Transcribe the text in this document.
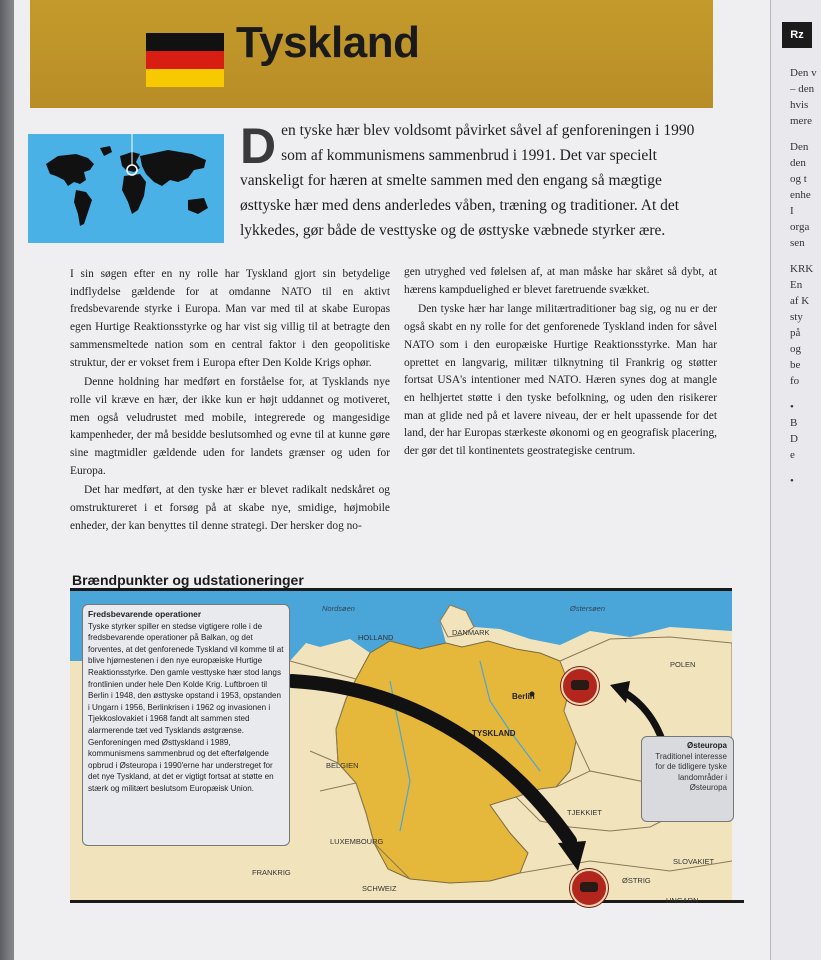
Rz
Den v
– den
hvis
mere
Den
den
og t
enhe
I
orga
sen
KRK
En
af K
sty
på
og
be
fo
•
B
D
e
•
Tyskland
D en tyske hær blev voldsomt påvirket såvel af genforeningen i 1990 som af kommunismens sammenbrud i 1991. Det var specielt vanskeligt for hæren at smelte sammen med den engang så mægtige østtyske hær med dens anderledes våben, træning og traditioner. At det lykkedes, gør både de vesttyske og de østtyske væbnede styrker ære.

I sin søgen efter en ny rolle har Tyskland gjort sin betydelige indflydelse gældende for at omdanne NATO til en aktivt fredsbevarende styrke i Europa. Man var med til at skabe Europas egen Hurtige Reaktionsstyrke og har vist sig villig til at betragte den sammensmeltede nation som en central faktor i den geopolitiske struktur, der er vokset frem i Europa efter Den Kolde Krigs ophør.

Denne holdning har medført en forståelse for, at Tysklands nye rolle vil kræve en hær, der ikke kun er højt uddannet og motiveret, men også veludrustet med mobile, integrerede og mangesidige kampenheder, der må besidde beslutsomhed og evne til at kunne gøre sine magtmidler gældende uden for landets grænser og uden for Europa.

Det har medført, at den tyske hær er blevet radikalt nedskåret og omstruktureret i et forsøg på at skabe nye, smidige, højmobile enheder, der kan benyttes til denne strategi. Der hersker dog no-

gen utryghed ved følelsen af, at man måske har skåret så dybt, at hærens kampduelighed er blevet faretruende svækket.

Den tyske hær har lange militærtraditioner bag sig, og nu er der også skabt en ny rolle for det genforenede Tyskland inden for såvel NATO som i den europæiske Hurtige Reaktionsstyrke. Man har oprettet en langvarig, militær tilknytning til Frankrig og støtter fortsat USA's intentioner med NATO. Hæren synes dog at mangle en helhjertet støtte i den tyske befolkning, og uden den risikerer man at glide ned på et lavere niveau, der er helt upassende for det land, der har Europas stærkeste økonomi og en geografisk placering, der gør det til kontinentets geostrategiske centrum.

Brændpunkter og udstationeringer
Nordsøen	Østersøen
DANMARK
HOLLAND
POLEN
Berlin
TYSKLAND
BELGIEN
LUXEMBOURG
TJEKKIET
SLOVAKIET
FRANKRIG
SCHWEIZ
ØSTRIG
UNGARN
Fredsbevarende operationer
Tyske styrker spiller en stedse vigtigere rolle i de fredsbevarende operationer på Balkan, og det forventes, at det genforenede Tyskland vil komme til at blive hjørnestenen i den nye europæiske Hurtige Reaktionsstyrke. Den gamle vesttyske hær stod langs frontlinien under hele Den Kolde Krig. Luftbroen til Berlin i 1948, den østtyske opstand i 1953, opstanden i Ungarn i 1956, Berlinkrisen i 1962 og invasionen i Tjekkoslovakiet i 1968 fandt alt sammen sted alarmerende tæt ved Tysklands østgrænse. Genforeningen med Østtyskland i 1989, kommunismens sammenbrud og det efterfølgende opbrud i Østeuropa i 1990'erne har understreget for det nye Tyskland, at det er vigtigt fortsat at støtte en stærk og militært beslutsom Europæisk Union.
Østeuropa
Traditionel interesse for de tidligere tyske landområder i Østeuropa
